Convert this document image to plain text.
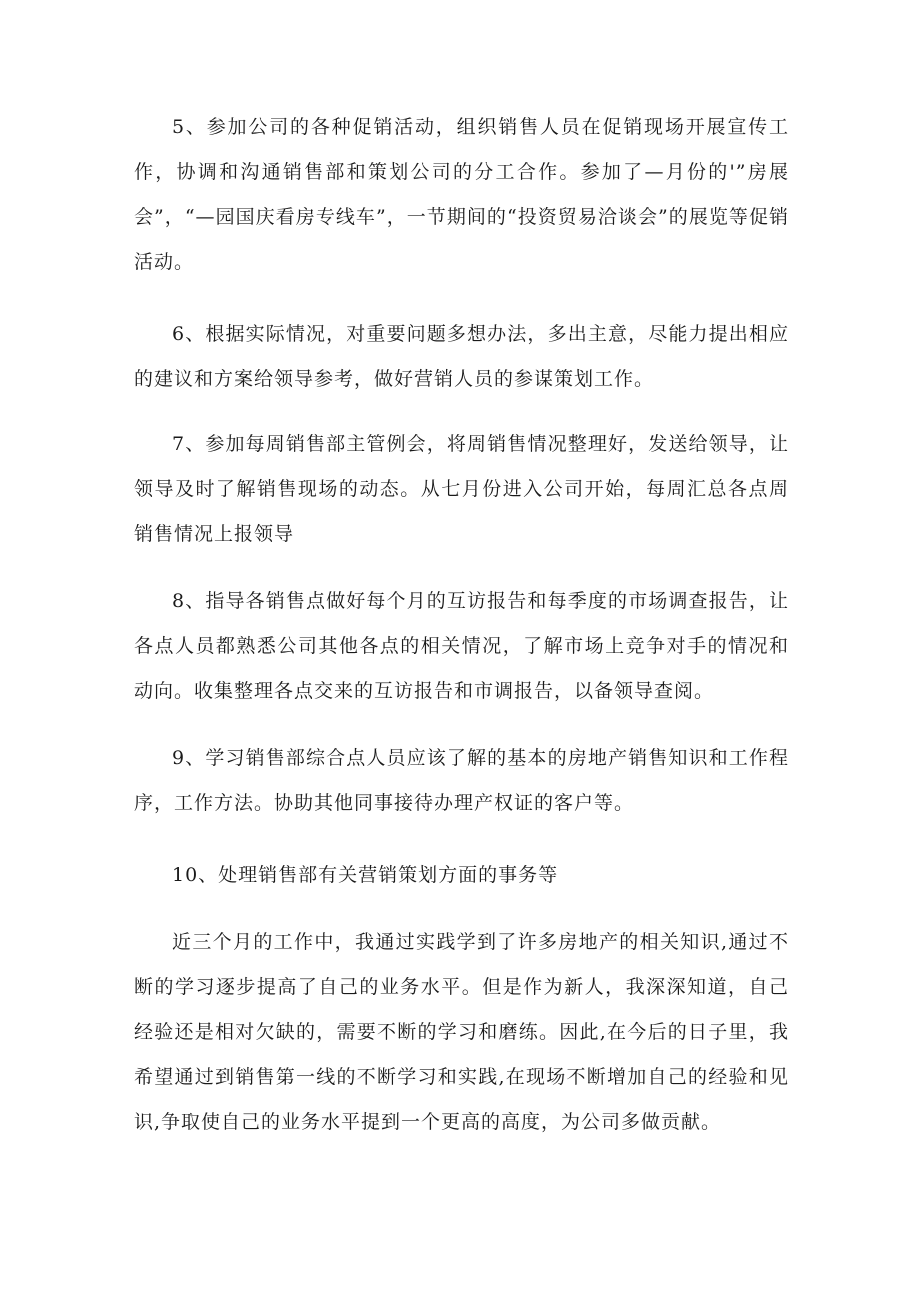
5、参加公司的各种促销活动，组织销售人员在促销现场开展宣传工作，协调和沟通销售部和策划公司的分工合作。参加了—月份的'”房展会”，“—园国庆看房专线车”，一节期间的“投资贸易洽谈会”的展览等促销活动。

6、根据实际情况，对重要问题多想办法，多出主意，尽能力提出相应的建议和方案给领导参考，做好营销人员的参谋策划工作。

7、参加每周销售部主管例会，将周销售情况整理好，发送给领导，让领导及时了解销售现场的动态。从七月份进入公司开始，每周汇总各点周销售情况上报领导

8、指导各销售点做好每个月的互访报告和每季度的市场调查报告，让各点人员都熟悉公司其他各点的相关情况，了解市场上竞争对手的情况和动向。收集整理各点交来的互访报告和市调报告，以备领导查阅。

9、学习销售部综合点人员应该了解的基本的房地产销售知识和工作程序，工作方法。协助其他同事接待办理产权证的客户等。

10、处理销售部有关营销策划方面的事务等

近三个月的工作中，我通过实践学到了许多房地产的相关知识,通过不断的学习逐步提高了自己的业务水平。但是作为新人，我深深知道，自己经验还是相对欠缺的，需要不断的学习和磨练。因此,在今后的日子里，我希望通过到销售第一线的不断学习和实践,在现场不断增加自己的经验和见识,争取使自己的业务水平提到一个更高的高度，为公司多做贡献。
